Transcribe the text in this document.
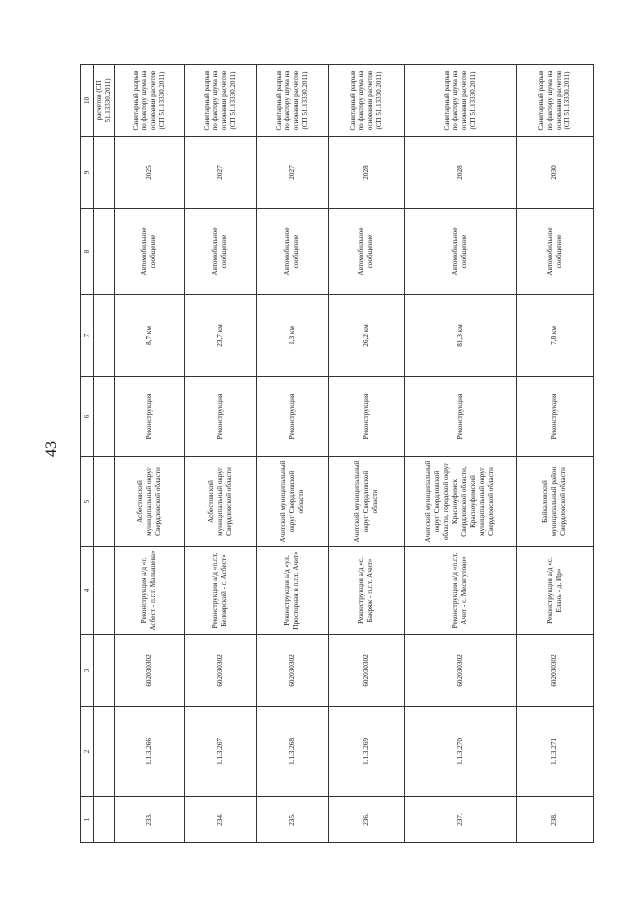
43
1	2	3	4	5	6	7	8	9	10
									расчетов (СП 51.13330.2011)
233.	1.1.3.266	602030302	Реконструкция а/д «г. Асбест - п.г.т. Малышева»	Асбестовский муниципальный округ Свердловской области	Реконструкция	8,7 км	Автомобильное сообщение	2025	Санитарный разрыв по фактору шума на основании расчетов (СП 51.13330.2011)
234.	1.1.3.267	602030302	Реконструкция а/д «п.г.т. Белоярский - г. Асбест»	Асбестовский муниципальный округ Свердловской области	Реконструкция	23,7 км	Автомобильное сообщение	2027	Санитарный разрыв по фактору шума на основании расчетов (СП 51.13330.2011)
235.	1.1.3.268	602030302	Реконструкция а/д «ул. Просторная в п.г.т. Ачит»	Ачитский муниципальный округ Свердловской области	Реконструкция	1,3 км	Автомобильное сообщение	2027	Санитарный разрыв по фактору шума на основании расчетов (СП 51.13330.2011)
236.	1.1.3.269	602030302	Реконструкция а/д «с. Бакряж - п.г.т. Ачит»	Ачитский муниципальный округ Свердловской области	Реконструкция	26,2 км	Автомобильное сообщение	2028	Санитарный разрыв по фактору шума на основании расчетов (СП 51.13330.2011)
237.	1.1.3.270	602030302	Реконструкция а/д «п.г.т. Ачит - с. Месягутово»	Ачитский муниципальный округ Свердловской области, городской округ Красноуфимск Свердловской области, Красноуфимский муниципальный округ Свердловской области	Реконструкция	81,3 км	Автомобильное сообщение	2028	Санитарный разрыв по фактору шума на основании расчетов (СП 51.13330.2011)
238.	1.1.3.271	602030302	Реконструкция а/д «с. Елань - д. Ир»	Байкаловский муниципальный район Свердловской области	Реконструкция	7,8 км	Автомобильное сообщение	2030	Санитарный разрыв по фактору шума на основании расчетов (СП 51.13330.2011)
